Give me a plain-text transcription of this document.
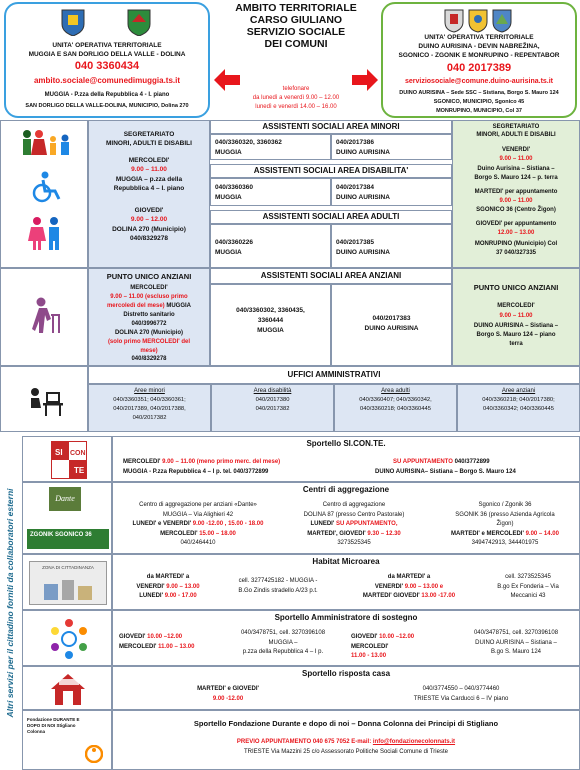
UNITA' OPERATIVA TERRITORIALE
MUGGIA E SAN DORLIGO DELLA VALLE - DOLINA
040 3360434
ambito.sociale@comunedimuggia.ts.it
MUGGIA - P.zza della Repubblica 4 - I. piano
SAN DORLIGO DELLA VALLE-DOLINA, MUNICIPIO, Dolina 270
AMBITO TERRITORIALE
CARSO GIULIANO
SERVIZIO SOCIALE
DEI COMUNI
telefonare
da lunedì a venerdì 9.00 – 12.00
lunedì e venerdì 14.00 – 16.00
UNITA' OPERATIVA TERRITORIALE
DUINO AURISINA - DEVIN NABREŽINA,
SGONICO - ZGONIK E MONRUPINO - REPENTABOR
040 2017389
serviziosociale@comune.duino-aurisina.ts.it
DUINO AURISINA – Sede SSC – Sistiana, Borgo S. Mauro 124
SGONICO, MUNICIPIO, Sgonico 45
MONRUPINO, MUNICIPIO, Col 37
SEGRETARIATO
MINORI, ADULTI E DISABILI
MERCOLEDI'
9.00 – 11.00
MUGGIA – p.zza della
Repubblica 4 – I. piano
GIOVEDI'
9.00 – 12.00
DOLINA 270 (Municipio)
040/8329278
SEGRETARIATO
MINORI, ADULTI E DISABILI
VENERDI'
9.00 – 11.00
Duino Aurisina – Sistiana –
Borgo S. Mauro 124 – p. terra
MARTEDI' per appuntamento
9.00 – 11.00
SGONICO 36 (Centro Žigon)
GIOVEDI' per appuntamento
12.00 – 13.00
MONRUPINO (Municipio) Col
37 040/327335
ASSISTENTI SOCIALI AREA MINORI
040/3360320, 3360362
MUGGIA
040/2017386
DUINO AURISINA
ASSISTENTI SOCIALI AREA DISABILITA'
040/3360360
MUGGIA
040/2017384
DUINO AURISINA
ASSISTENTI SOCIALI AREA ADULTI
040/3360226
MUGGIA
040/2017385
DUINO AURISINA
PUNTO UNICO ANZIANI
MERCOLEDI'
9.00 – 11.00 (escluso primo
mercoledì del mese) MUGGIA
Distretto sanitario
040/3996772
DOLINA 270 (Municipio)
(solo primo MERCOLEDI' del
mese)
040/8329278
ASSISTENTI SOCIALI AREA ANZIANI
040/3360302, 3360435,
3360444
MUGGIA
040/2017383
DUINO AURISINA
PUNTO UNICO ANZIANI
MERCOLEDI'
9.00 – 11.00
DUINO AURISINA – Sistiana –
Borgo S. Mauro 124 – piano
terra
UFFICI AMMINISTRATIVI
Aree minori
040/3360351; 040/3360361;
040/2017389, 040/2017388,
040/2017382
Area disabilità
040/2017380
040/2017382
Area adulti
040/3360407; 040/3360342,
040/3360218; 040/3360445
Aree anziani
040/3360218; 040/2017380;
040/3360342; 040/3360445
Altri servizi per il cittadino forniti da collaboratori esterni
SI CON
TE
Sportello SI.CON.TE.
MERCOLEDI' 9.00 – 11.00 (meno primo merc. del mese)
MUGGIA - P.zza Repubblica 4 – I p. tel. 040/3772899
SU APPUNTAMENTO 040/3772899
DUINO AURISINA– Sistiana – Borgo S. Mauro 124
Dante
ZGONIK SGONICO 36
Centri di aggregazione
Centro di aggregazione per anziani «Dante»
MUGGIA – Via Alighieri 42
LUNEDI' e VENERDI' 9.00 -12.00 , 15.00 - 18.00
MERCOLEDI' 15.00 – 18.00
040/2464410
Centro di aggregazione
DOLINA 87 (presso Centro Pastorale)
LUNEDI' SU APPUNTAMENTO,
MARTEDI', GIOVEDI' 9.30 – 12.30
3273525345
Sgonico / Zgonik 36
SGONIK 36 (presso Azienda Agricola
Žigon)
MARTEDI' e MERCOLEDI' 9.00 – 14.00
3494742913, 344401975
ZONA DI CITTADINANZA
Habitat Microarea
da MARTEDI' a
VENERDI' 9.00 – 13.00
LUNEDI' 9.00 - 17.00
cell. 3277425182 - MUGGIA -
B.Go Zindis stradello A/23 p.t.
da MARTEDI' a
VENERDI' 9.00 – 13.00 e
MARTEDI' GIOVEDI' 13.00 -17.00
cell. 3273525345
B.go Ex Fonderia – Via
Meccanici 43
Sportello Amministratore di sostegno
GIOVEDI' 10.00 –12.00
MERCOLEDI' 11.00 – 13.00
040/3478751, cell. 3270396108
MUGGIA –
p.zza della Repubblica 4 – I p.
GIOVEDI' 10.00 –12.00
MERCOLEDI'
11.00 - 13.00
040/3478751, cell. 3270396108
DUINO AURISINA – Sistiana –
B.go S. Mauro 124
Sportello risposta casa
MARTEDI' e GIOVEDI'
9.00 -12.00
040/3774550 – 040/3774460
TRIESTE Via Carducci 6 – IV piano
Fondazione DURANTE E DOPO DI NOI Stigliano Colonna
Sportello Fondazione Durante e dopo di noi – Donna Colonna dei Principi di Stigliano
PREVIO APPUNTAMENTO 040 675 7052 E-mail: info@fondazionecolonnats.it
TRIESTE Via Mazzini 25 c/o Assessorato Politiche Sociali Comune di Trieste
